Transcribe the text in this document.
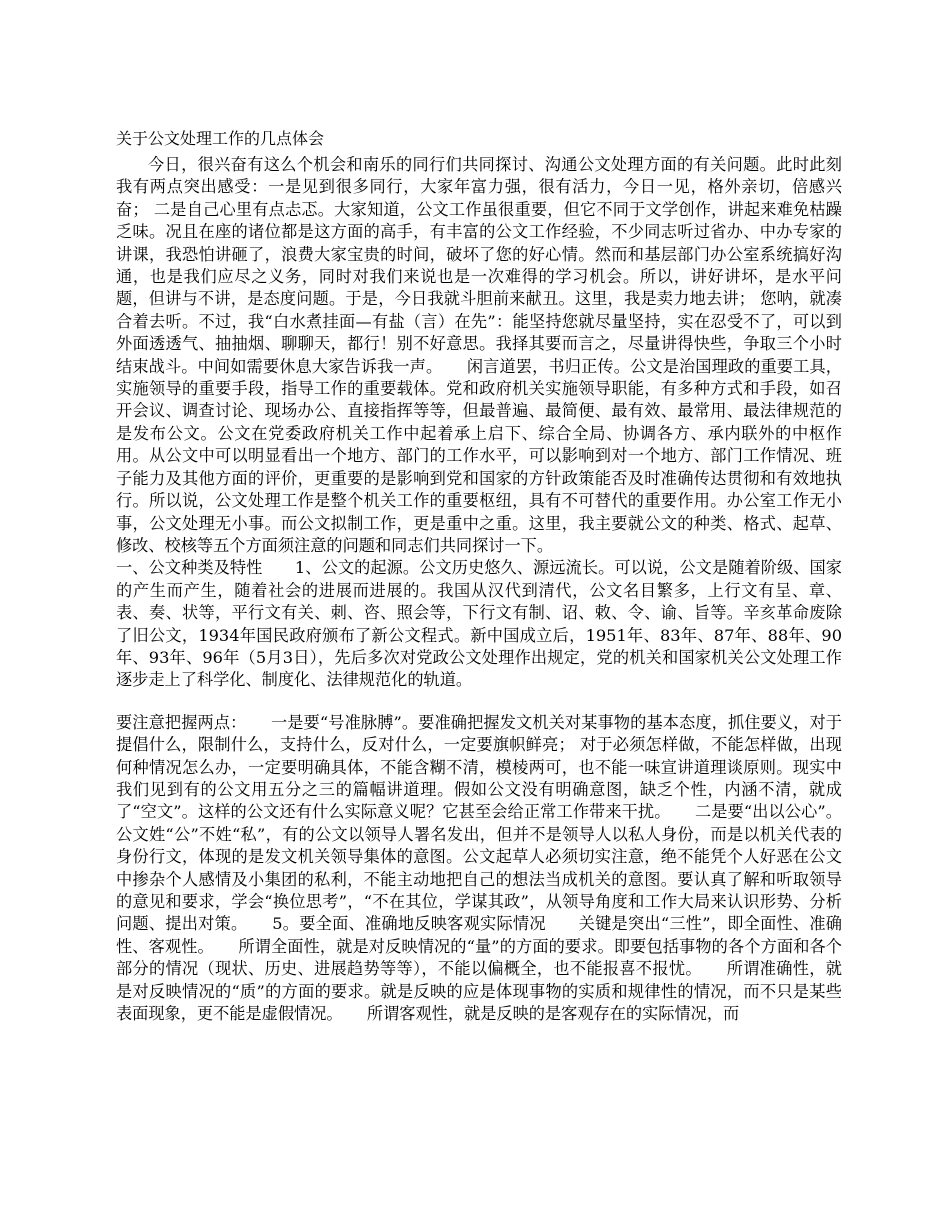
关于公文处理工作的几点体会

今日，很兴奋有这么个机会和南乐的同行们共同探讨、沟通公文处理方面的有关问题。此时此刻我有两点突出感受：一是见到很多同行，大家年富力强，很有活力，今日一见，格外亲切，倍感兴奋； 二是自己心里有点忐忑。大家知道，公文工作虽很重要，但它不同于文学创作，讲起来难免枯躁乏味。况且在座的诸位都是这方面的高手，有丰富的公文工作经验，不少同志听过省办、中办专家的讲课，我恐怕讲砸了，浪费大家宝贵的时间，破坏了您的好心情。然而和基层部门办公室系统搞好沟通，也是我们应尽之义务，同时对我们来说也是一次难得的学习机会。所以，讲好讲坏，是水平问题，但讲与不讲，是态度问题。于是，今日我就斗胆前来献丑。这里，我是卖力地去讲； 您呐，就凑合着去听。不过，我“白水煮挂面—有盐（言）在先”：能坚持您就尽量坚持，实在忍受不了，可以到外面透透气、抽抽烟、聊聊天，都行！别不好意思。我择其要而言之，尽量讲得快些，争取三个小时结束战斗。中间如需要休息大家告诉我一声。　　闲言道罢，书归正传。公文是治国理政的重要工具，实施领导的重要手段，指导工作的重要载体。党和政府机关实施领导职能，有多种方式和手段，如召开会议、调查讨论、现场办公、直接指挥等等，但最普遍、最简便、最有效、最常用、最法律规范的是发布公文。公文在党委政府机关工作中起着承上启下、综合全局、协调各方、承内联外的中枢作用。从公文中可以明显看出一个地方、部门的工作水平，可以影响到对一个地方、部门工作情况、班子能力及其他方面的评价，更重要的是影响到党和国家的方针政策能否及时准确传达贯彻和有效地执行。所以说，公文处理工作是整个机关工作的重要枢纽，具有不可替代的重要作用。办公室工作无小事，公文处理无小事。而公文拟制工作，更是重中之重。这里，我主要就公文的种类、格式、起草、修改、校核等五个方面须注意的问题和同志们共同探讨一下。

一、公文种类及特性　　1、公文的起源。公文历史悠久、源远流长。可以说，公文是随着阶级、国家的产生而产生，随着社会的进展而进展的。我国从汉代到清代，公文名目繁多，上行文有呈、章、表、奏、状等，平行文有关、刺、咨、照会等，下行文有制、诏、敕、令、谕、旨等。辛亥革命废除了旧公文，1934年国民政府颁布了新公文程式。新中国成立后，1951年、83年、87年、88年、90年、93年、96年（5月3日），先后多次对党政公文处理作出规定，党的机关和国家机关公文处理工作逐步走上了科学化、制度化、法律规范化的轨道。

要注意把握两点：　　一是要“号准脉膊”。要准确把握发文机关对某事物的基本态度，抓住要义，对于提倡什么，限制什么，支持什么，反对什么，一定要旗帜鲜亮； 对于必须怎样做，不能怎样做，出现何种情况怎么办，一定要明确具体，不能含糊不清，模棱两可，也不能一味宣讲道理谈原则。现实中我们见到有的公文用五分之三的篇幅讲道理。假如公文没有明确意图，缺乏个性，内涵不清，就成了“空文”。这样的公文还有什么实际意义呢？它甚至会给正常工作带来干扰。　　二是要“出以公心”。公文姓“公”不姓“私”，有的公文以领导人署名发出，但并不是领导人以私人身份，而是以机关代表的身份行文，体现的是发文机关领导集体的意图。公文起草人必须切实注意，绝不能凭个人好恶在公文中掺杂个人感情及小集团的私利，不能主动地把自己的想法当成机关的意图。要认真了解和听取领导的意见和要求，学会“换位思考”，“不在其位，学谋其政”，从领导角度和工作大局来认识形势、分析问题、提出对策。　　5。要全面、准确地反映客观实际情况　　关键是突出“三性”，即全面性、准确性、客观性。　　所谓全面性，就是对反映情况的“量”的方面的要求。即要包括事物的各个方面和各个部分的情况（现状、历史、进展趋势等等），不能以偏概全，也不能报喜不报忧。　　所谓准确性，就是对反映情况的“质”的方面的要求。就是反映的应是体现事物的实质和规律性的情况，而不只是某些表面现象，更不能是虚假情况。　　所谓客观性，就是反映的是客观存在的实际情况，而
